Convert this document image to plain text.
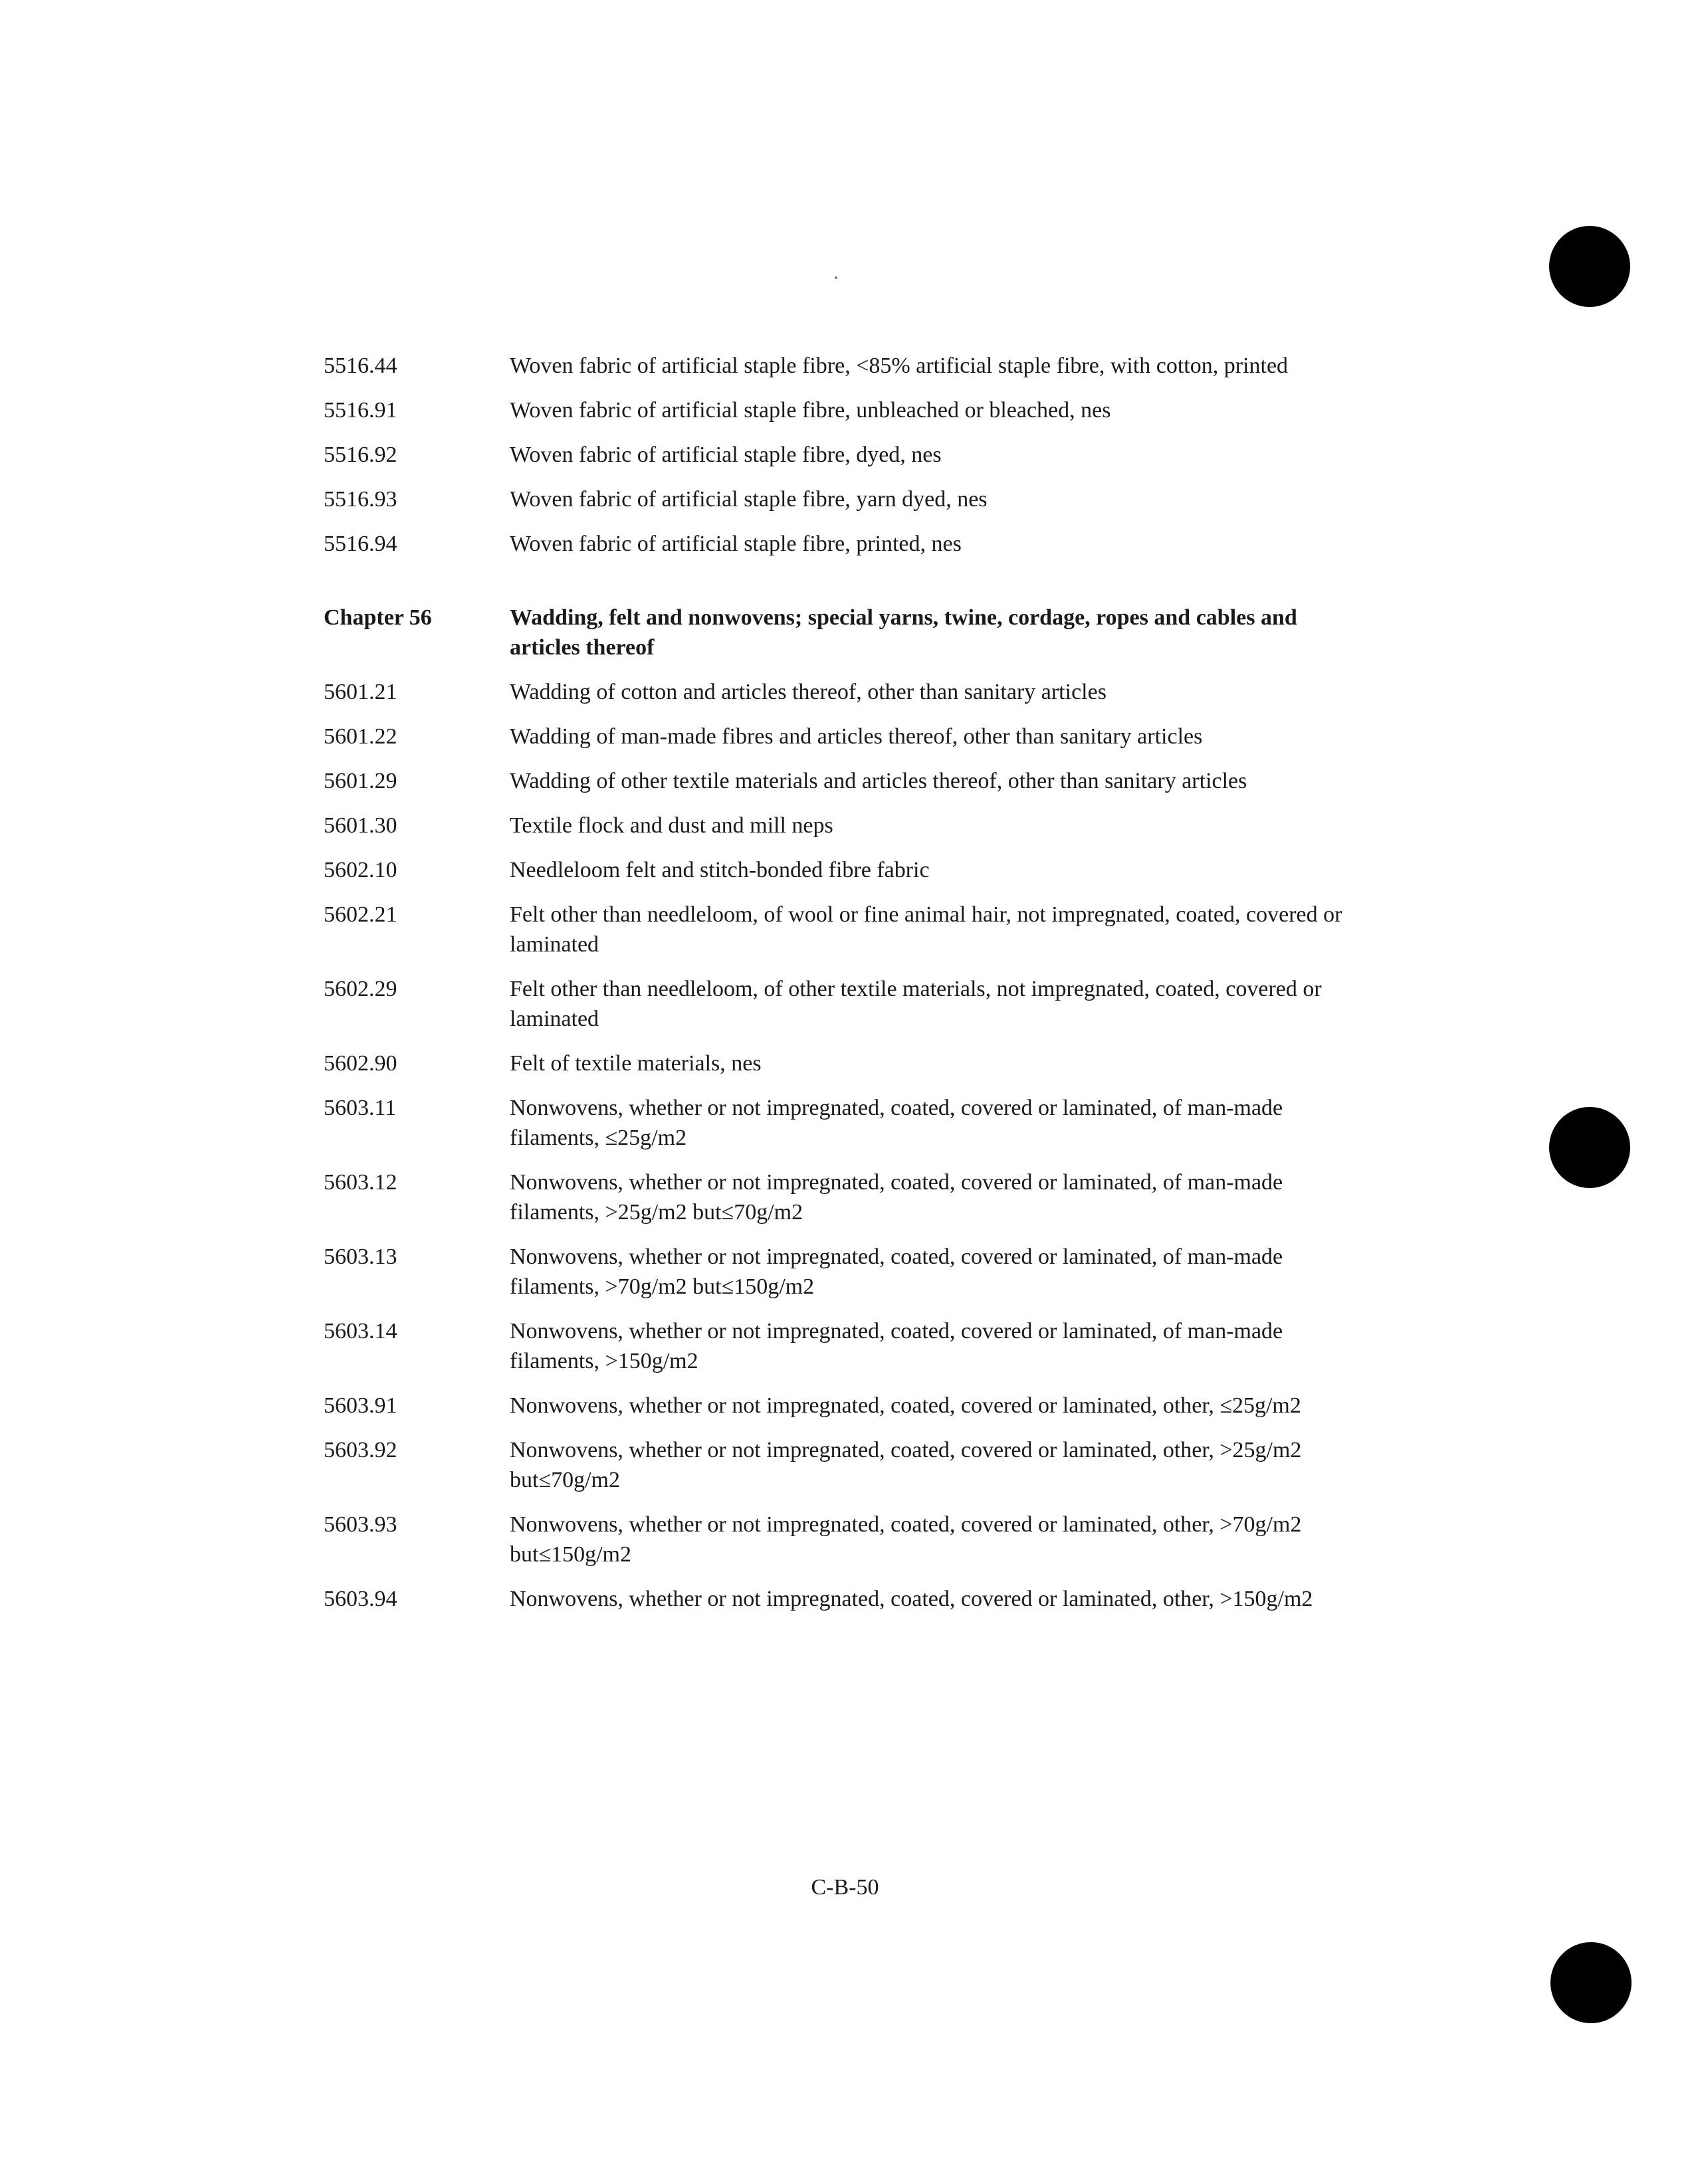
5516.44	Woven fabric of artificial staple fibre, <85% artificial staple fibre, with cotton, printed
5516.91	Woven fabric of artificial staple fibre, unbleached or bleached, nes
5516.92	Woven fabric of artificial staple fibre, dyed, nes
5516.93	Woven fabric of artificial staple fibre, yarn dyed, nes
5516.94	Woven fabric of artificial staple fibre, printed, nes
Chapter 56	Wadding, felt and nonwovens; special yarns, twine, cordage, ropes and cables and articles thereof
5601.21	Wadding of cotton and articles thereof, other than sanitary articles
5601.22	Wadding of man-made fibres and articles thereof, other than sanitary articles
5601.29	Wadding of other textile materials and articles thereof, other than sanitary articles
5601.30	Textile flock and dust and mill neps
5602.10	Needleloom felt and stitch-bonded fibre fabric
5602.21	Felt other than needleloom, of wool or fine animal hair, not impregnated, coated, covered or laminated
5602.29	Felt other than needleloom, of other textile materials, not impregnated, coated, covered or laminated
5602.90	Felt of textile materials, nes
5603.11	Nonwovens, whether or not impregnated, coated, covered or laminated, of man-made filaments, ≤25g/m2
5603.12	Nonwovens, whether or not impregnated, coated, covered or laminated, of man-made filaments, >25g/m2 but≤70g/m2
5603.13	Nonwovens, whether or not impregnated, coated, covered or laminated, of man-made filaments, >70g/m2 but≤150g/m2
5603.14	Nonwovens, whether or not impregnated, coated, covered or laminated, of man-made filaments, >150g/m2
5603.91	Nonwovens, whether or not impregnated, coated, covered or laminated, other, ≤25g/m2
5603.92	Nonwovens, whether or not impregnated, coated, covered or laminated, other, >25g/m2 but≤70g/m2
5603.93	Nonwovens, whether or not impregnated, coated, covered or laminated, other, >70g/m2 but≤150g/m2
5603.94	Nonwovens, whether or not impregnated, coated, covered or laminated, other, >150g/m2
C-B-50
